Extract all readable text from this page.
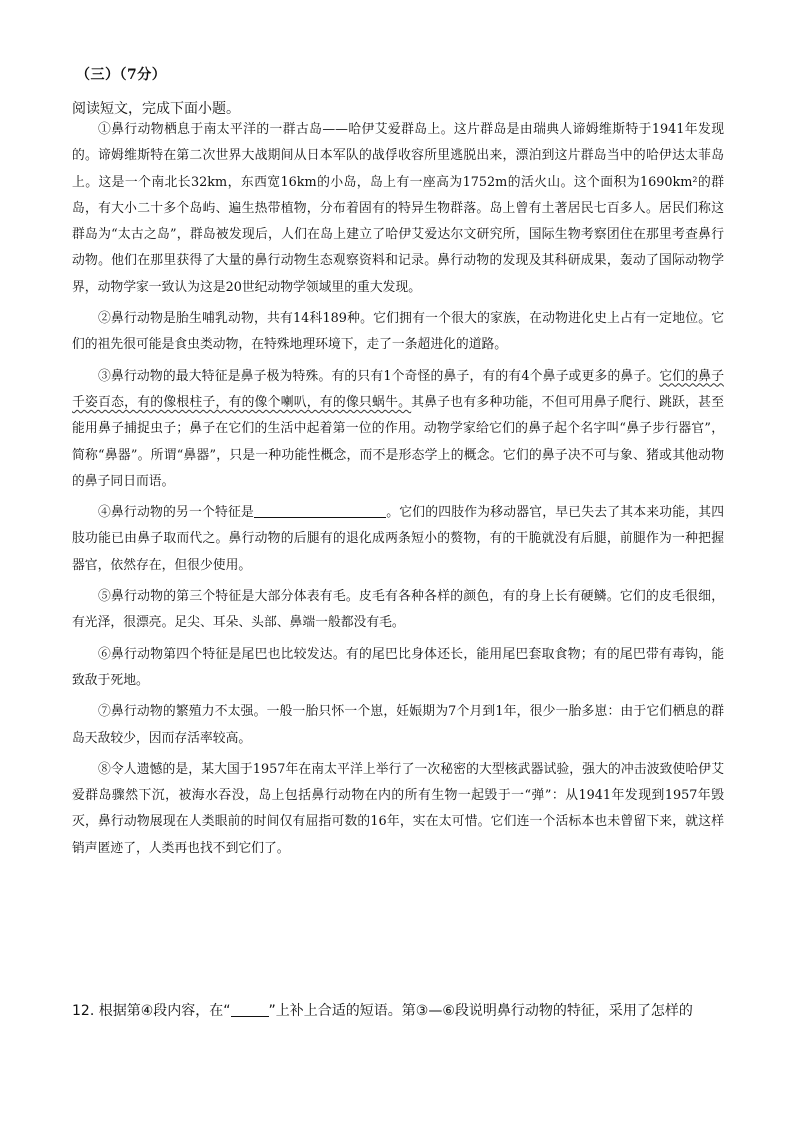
（三）（7分）
阅读短文，完成下面小题。

①鼻行动物栖息于南太平洋的一群古岛——哈伊艾爱群岛上。这片群岛是由瑞典人谛姆维斯特于1941年发现的。谛姆维斯特在第二次世界大战期间从日本军队的战俘收容所里逃脱出来，漂泊到这片群岛当中的哈伊达太菲岛上。这是一个南北长32km，东西宽16km的小岛，岛上有一座高为1752m的活火山。这个面积为1690km²的群岛，有大小二十多个岛屿、遍生热带植物，分布着固有的特异生物群落。岛上曾有土著居民七百多人。居民们称这群岛为“太古之岛”，群岛被发现后，人们在岛上建立了哈伊艾爱达尔文研究所，国际生物考察团住在那里考查鼻行动物。他们在那里获得了大量的鼻行动物生态观察资料和记录。鼻行动物的发现及其科研成果，轰动了国际动物学界，动物学家一致认为这是20世纪动物学领域里的重大发现。

②鼻行动物是胎生哺乳动物，共有14科189种。它们拥有一个很大的家族，在动物进化史上占有一定地位。它们的祖先很可能是食虫类动物，在特殊地理环境下，走了一条超进化的道路。

③鼻行动物的最大特征是鼻子极为特殊。有的只有1个奇怪的鼻子，有的有4个鼻子或更多的鼻子。它们的鼻子千姿百态，有的像根柱子，有的像个喇叭，有的像只蜗牛。其鼻子也有多种功能，不但可用鼻子爬行、跳跃，甚至能用鼻子捕捉虫子；鼻子在它们的生活中起着第一位的作用。动物学家给它们的鼻子起个名字叫“鼻子步行器官”，简称“鼻器”。所谓“鼻器”，只是一种功能性概念，而不是形态学上的概念。它们的鼻子决不可与象、猪或其他动物的鼻子同日而语。

④鼻行动物的另一个特征是	。它们的四肢作为移动器官，早已失去了其本来功能，其四肢功能已由鼻子取而代之。鼻行动物的后腿有的退化成两条短小的赘物，有的干脆就没有后腿，前腿作为一种把握器官，依然存在，但很少使用。

⑤鼻行动物的第三个特征是大部分体表有毛。皮毛有各种各样的颜色，有的身上长有硬鳞。它们的皮毛很细，有光泽，很漂亮。足尖、耳朵、头部、鼻端一般都没有毛。

⑥鼻行动物第四个特征是尾巴也比较发达。有的尾巴比身体还长，能用尾巴套取食物；有的尾巴带有毒钩，能致敌于死地。

⑦鼻行动物的繁殖力不太强。一般一胎只怀一个崽，妊娠期为7个月到1年，很少一胎多崽：由于它们栖息的群岛天敌较少，因而存活率较高。

⑧令人遗憾的是，某大国于1957年在南太平洋上举行了一次秘密的大型核武器试验，强大的冲击波致使哈伊艾爱群岛骤然下沉，被海水吞没，岛上包括鼻行动物在内的所有生物一起毁于一“弹”：从1941年发现到1957年毁灭，鼻行动物展现在人类眼前的时间仅有屈指可数的16年，实在太可惜。它们连一个活标本也未曾留下来，就这样销声匿迹了，人类再也找不到它们了。

12. 根据第④段内容，在“	”上补上合适的短语。第③—⑥段说明鼻行动物的特征，采用了怎样的
